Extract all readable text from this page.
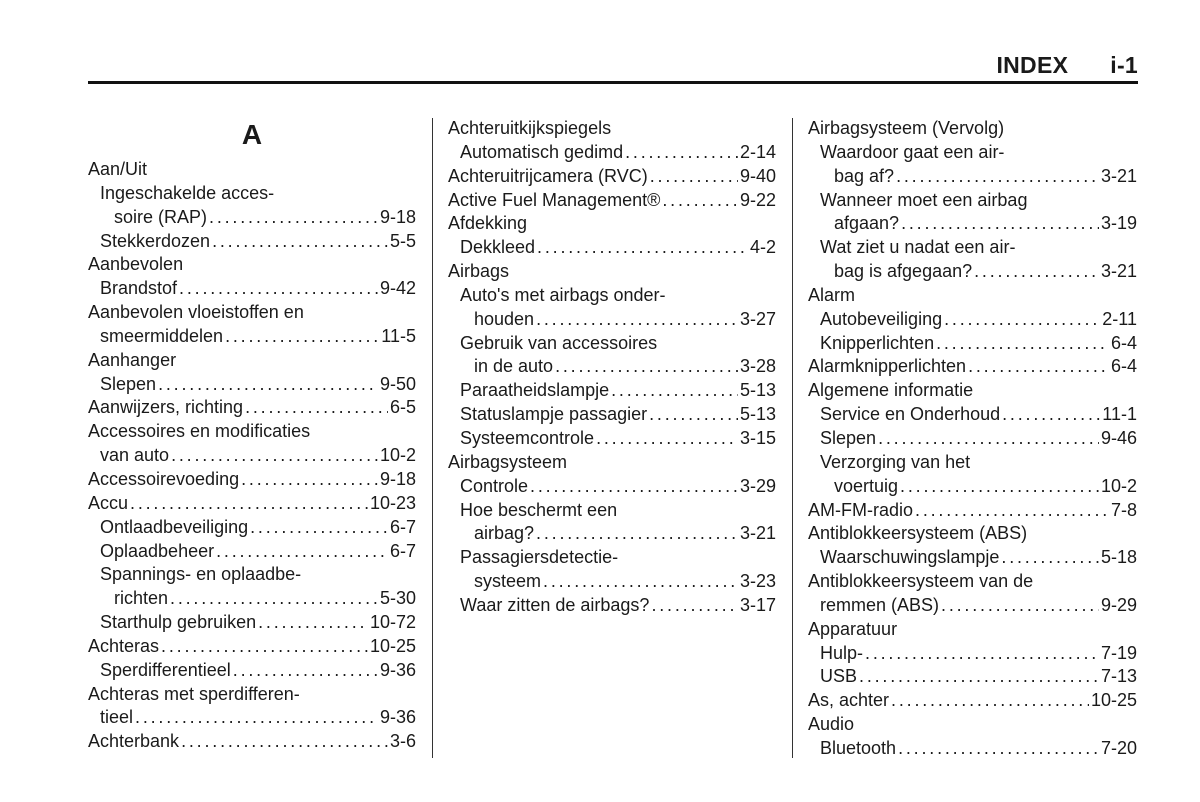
INDEX i-1
A
Aan/Uit
Ingeschakelde acces-
soire (RAP) . . .	9-18
Stekkerdozen . . .	5-5
Aanbevolen
Brandstof . . .	9-42
Aanbevolen vloeistoffen en
smeermiddelen . . .	11-5
Aanhanger
Slepen . . .	9-50
Aanwijzers, richting . . .	6-5
Accessoires en modificaties
van auto . . .	10-2
Accessoirevoeding . . .	9-18
Accu . . .	10-23
Ontlaadbeveiliging . . .	6-7
Oplaadbeheer . . .	6-7
Spannings- en oplaadbe-
richten . . .	5-30
Starthulp gebruiken . . .	10-72
Achteras . . .	10-25
Sperdifferentieel . . .	9-36
Achteras met sperdifferen-
tieel . . .	9-36
Achterbank . . .	3-6
Achteruitkijkspiegels
Automatisch gedimd . . .	2-14
Achteruitrijcamera (RVC) . . .	9-40
Active Fuel Management® . . .	9-22
Afdekking
Dekkleed . . .	4-2
Airbags
Auto's met airbags onder-
houden . . .	3-27
Gebruik van accessoires
in de auto . . .	3-28
Paraatheidslampje . . .	5-13
Statuslampje passagier . . .	5-13
Systeemcontrole . . .	3-15
Airbagsysteem
Controle . . .	3-29
Hoe beschermt een
airbag? . . .	3-21
Passagiersdetectie-
systeem . . .	3-23
Waar zitten de airbags? . . .	3-17
Airbagsysteem (Vervolg)
Waardoor gaat een air-
bag af? . . .	3-21
Wanneer moet een airbag
afgaan? . . .	3-19
Wat ziet u nadat een air-
bag is afgegaan? . . .	3-21
Alarm
Autobeveiliging . . .	2-11
Knipperlichten . . .	6-4
Alarmknipperlichten . . .	6-4
Algemene informatie
Service en Onderhoud . . .	11-1
Slepen . . .	9-46
Verzorging van het
voertuig . . .	10-2
AM-FM-radio . . .	7-8
Antiblokkeersysteem (ABS)
Waarschuwingslampje . . .	5-18
Antiblokkeersysteem van de
remmen (ABS) . . .	9-29
Apparatuur
Hulp- . . .	7-19
USB . . .	7-13
As, achter . . .	10-25
Audio
Bluetooth . . .	7-20
